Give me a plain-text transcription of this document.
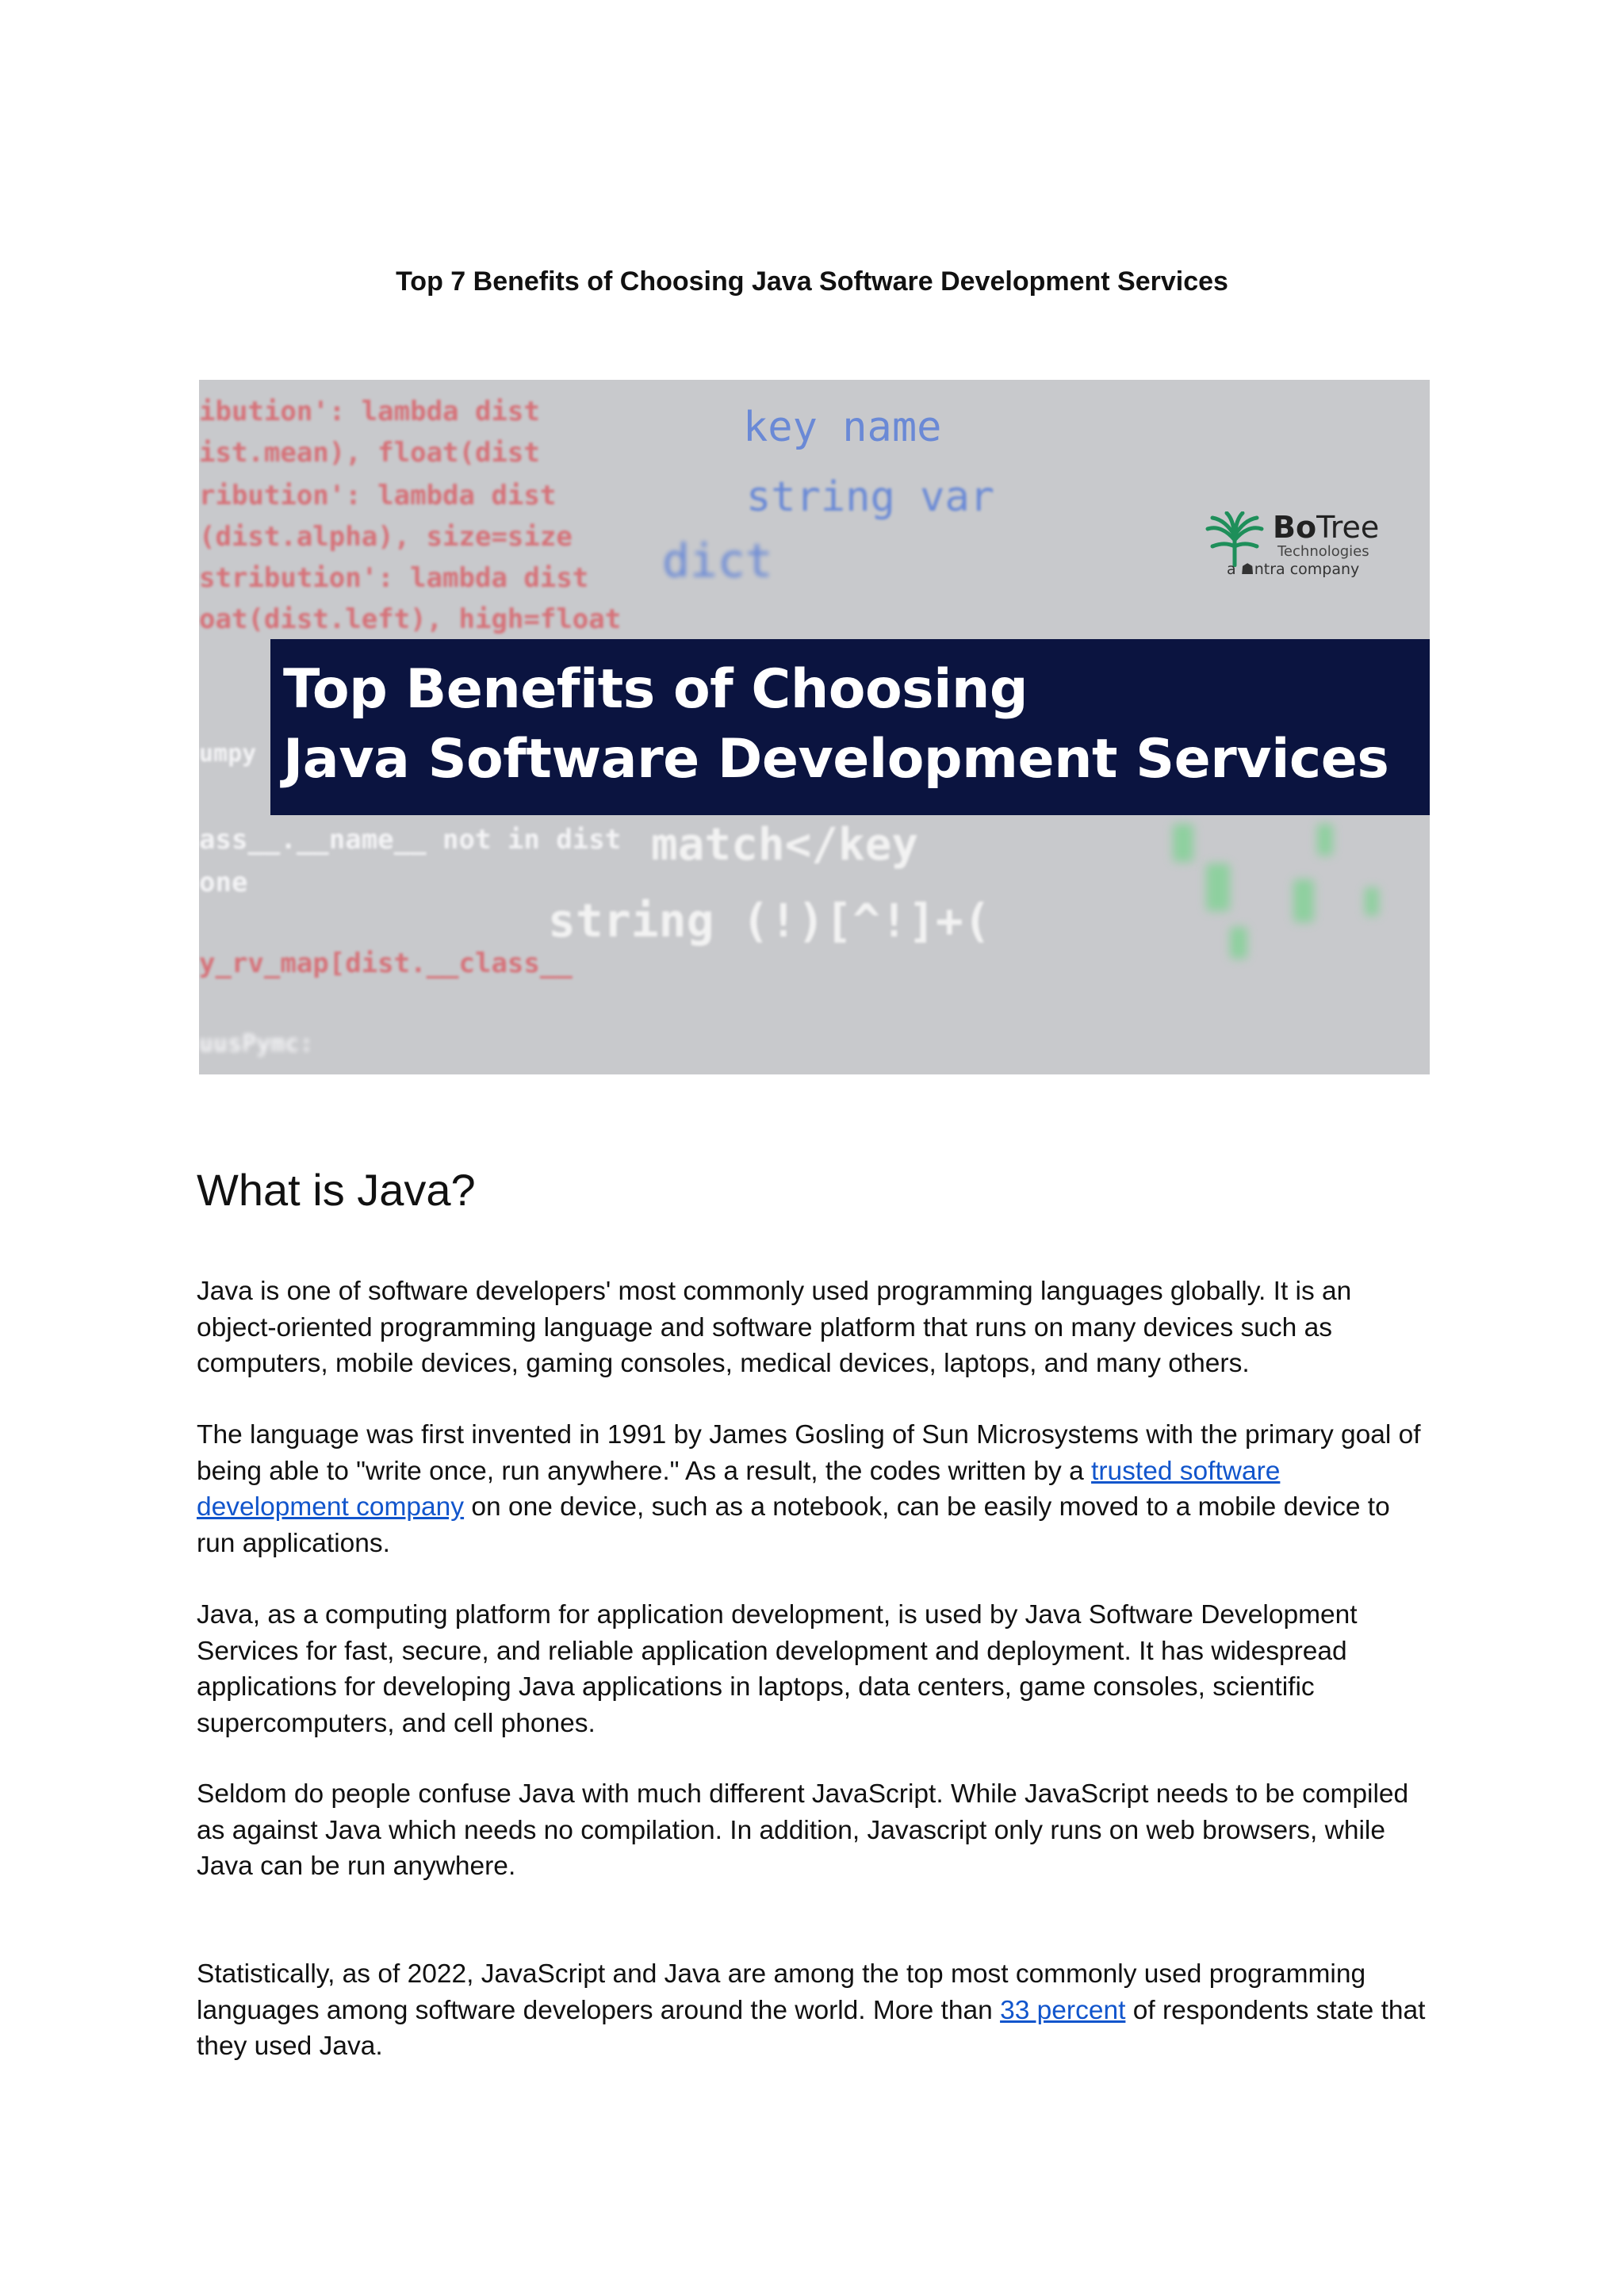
Top 7 Benefits of Choosing Java Software Development Services
ibution': lambda dist
ist.mean), float(dist
ribution': lambda dist
(dist.alpha), size=size
stribution': lambda dist
oat(dist.left), high=float
umpy
ass__.__name__ not in dist
one
y_rv_map[dist.__class__
uusPymc:
key name
string var
dict
match</key
string (!)[^!]+(
BoTree
Technologies
a ☗ntra company
Top Benefits of Choosing
Java Software Development Services
What is Java?
Java is one of software developers' most commonly used programming languages globally. It is an object-oriented programming language and software platform that runs on many devices such as computers, mobile devices, gaming consoles, medical devices, laptops, and many others.
The language was first invented in 1991 by James Gosling of Sun Microsystems with the primary goal of being able to "write once, run anywhere." As a result, the codes written by a trusted software development company on one device, such as a notebook, can be easily moved to a mobile device to run applications.
Java, as a computing platform for application development, is used by Java Software Development Services for fast, secure, and reliable application development and deployment. It has widespread applications for developing Java applications in laptops, data centers, game consoles, scientific supercomputers, and cell phones.
Seldom do people confuse Java with much different JavaScript. While JavaScript needs to be compiled as against Java which needs no compilation. In addition, Javascript only runs on web browsers, while Java can be run anywhere.
Statistically, as of 2022, JavaScript and Java are among the top most commonly used programming languages among software developers around the world. More than 33 percent of respondents state that they used Java.
